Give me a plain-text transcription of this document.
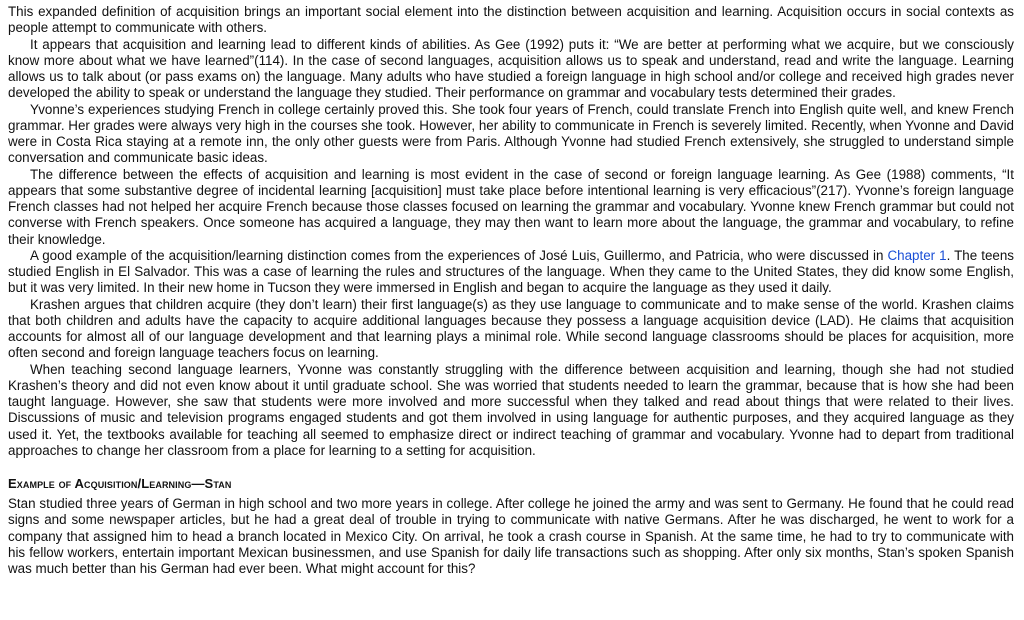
This expanded definition of acquisition brings an important social element into the distinction between acquisition and learning. Acquisition occurs in social contexts as people attempt to communicate with others.

It appears that acquisition and learning lead to different kinds of abilities. As Gee (1992) puts it: “We are better at performing what we acquire, but we consciously know more about what we have learned”(114). In the case of second languages, acquisition allows us to speak and understand, read and write the language. Learning allows us to talk about (or pass exams on) the language. Many adults who have studied a foreign language in high school and/or college and received high grades never developed the ability to speak or understand the language they studied. Their performance on grammar and vocabulary tests determined their grades.

Yvonne’s experiences studying French in college certainly proved this. She took four years of French, could translate French into English quite well, and knew French grammar. Her grades were always very high in the courses she took. However, her ability to communicate in French is severely limited. Recently, when Yvonne and David were in Costa Rica staying at a remote inn, the only other guests were from Paris. Although Yvonne had studied French extensively, she struggled to understand simple conversation and communicate basic ideas.

The difference between the effects of acquisition and learning is most evident in the case of second or foreign language learning. As Gee (1988) comments, “It appears that some substantive degree of incidental learning [acquisition] must take place before intentional learning is very efficacious”(217). Yvonne’s foreign language French classes had not helped her acquire French because those classes focused on learning the grammar and vocabulary. Yvonne knew French grammar but could not converse with French speakers. Once someone has acquired a language, they may then want to learn more about the language, the grammar and vocabulary, to refine their knowledge.

A good example of the acquisition/learning distinction comes from the experiences of José Luis, Guillermo, and Patricia, who were discussed in Chapter 1. The teens studied English in El Salvador. This was a case of learning the rules and structures of the language. When they came to the United States, they did know some English, but it was very limited. In their new home in Tucson they were immersed in English and began to acquire the language as they used it daily.

Krashen argues that children acquire (they don’t learn) their first language(s) as they use language to communicate and to make sense of the world. Krashen claims that both children and adults have the capacity to acquire additional languages because they possess a language acquisition device (LAD). He claims that acquisition accounts for almost all of our language development and that learning plays a minimal role. While second language classrooms should be places for acquisition, more often second and foreign language teachers focus on learning.

When teaching second language learners, Yvonne was constantly struggling with the difference between acquisition and learning, though she had not studied Krashen’s theory and did not even know about it until graduate school. She was worried that students needed to learn the grammar, because that is how she had been taught language. However, she saw that students were more involved and more successful when they talked and read about things that were related to their lives. Discussions of music and television programs engaged students and got them involved in using language for authentic purposes, and they acquired language as they used it. Yet, the textbooks available for teaching all seemed to emphasize direct or indirect teaching of grammar and vocabulary. Yvonne had to depart from traditional approaches to change her classroom from a place for learning to a setting for acquisition.

Example of Acquisition/Learning—Stan

Stan studied three years of German in high school and two more years in college. After college he joined the army and was sent to Germany. He found that he could read signs and some newspaper articles, but he had a great deal of trouble in trying to communicate with native Germans. After he was discharged, he went to work for a company that assigned him to head a branch located in Mexico City. On arrival, he took a crash course in Spanish. At the same time, he had to try to communicate with his fellow workers, entertain important Mexican businessmen, and use Spanish for daily life transactions such as shopping. After only six months, Stan’s spoken Spanish was much better than his German had ever been. What might account for this?
